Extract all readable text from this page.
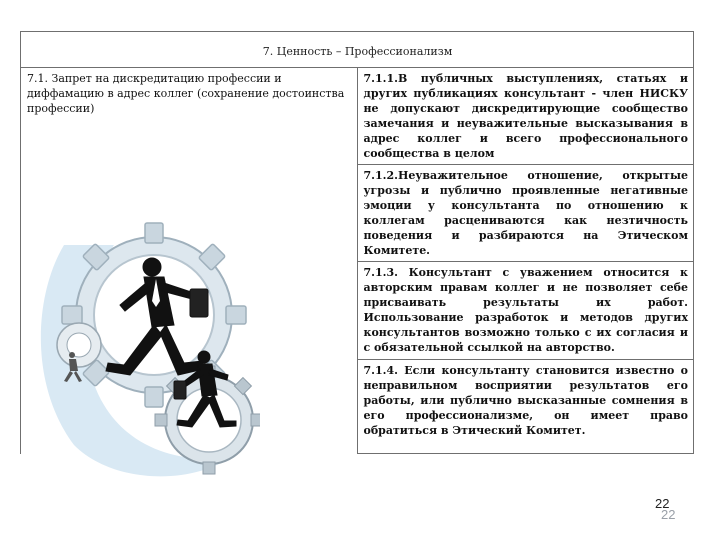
7. Ценность – Профессионализм	
7.1. Запрет на дискредитацию профессии и диффамацию в адрес коллег (сохранение достоинства профессии)	7.1.1.В публичных выступлениях, статьях и других публикациях консультант - член НИСКУ не допускают дискредитирующие сообщество замечания и неуважительные высказывания в адрес коллег и всего профессионального сообщества в целом
	7.1.2.Неуважительное отношение, открытые угрозы и публично проявленные негативные эмоции у консультанта по отношению к коллегам расцениваются как незтичность поведения и разбираются на Этическом Комитете.
	7.1.3. Консультант с уважением относится к авторским правам коллег и не позволяет себе присваивать результаты их работ. Использование разработок и методов других консультантов возможно только с их согласия и с обязательной ссылкой на авторство.
	7.1.4. Если консультанту становится известно о неправильном восприятии результатов его работы, или публично высказанные сомнения в его профессионализме, он имеет право обратиться в Этический Комитет.
22
22
